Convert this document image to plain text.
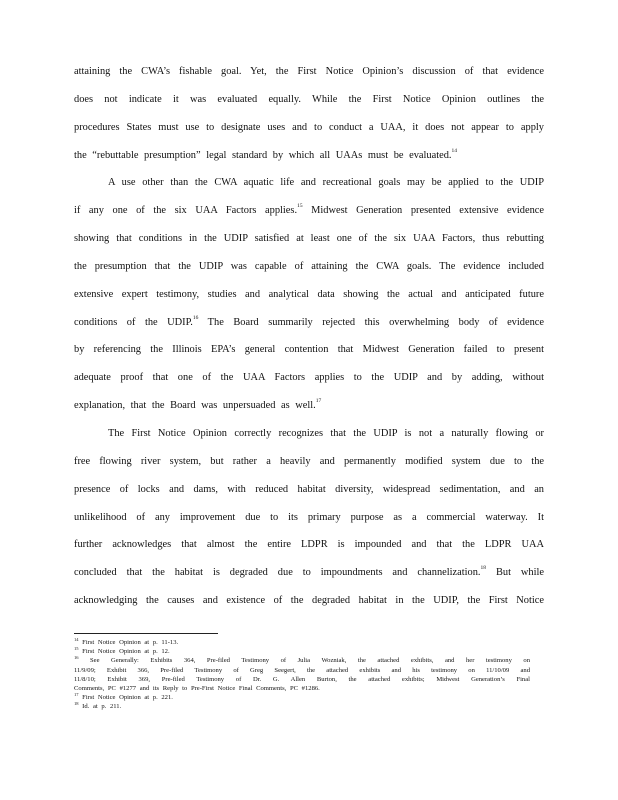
attaining the CWA’s fishable goal. Yet, the First Notice Opinion’s discussion of that evidence
does not indicate it was evaluated equally. While the First Notice Opinion outlines the
procedures States must use to designate uses and to conduct a UAA, it does not appear to apply
the “rebuttable presumption” legal standard by which all UAAs must be evaluated.$^{14}$
A use other than the CWA aquatic life and recreational goals may be applied to the UDIP
if any one of the six UAA Factors applies.$^{15}$ Midwest Generation presented extensive evidence
showing that conditions in the UDIP satisfied at least one of the six UAA Factors, thus rebutting
the presumption that the UDIP was capable of attaining the CWA goals. The evidence included
extensive expert testimony, studies and analytical data showing the actual and anticipated future
conditions of the UDIP.$^{16}$ The Board summarily rejected this overwhelming body of evidence
by referencing the Illinois EPA’s general contention that Midwest Generation failed to present
adequate proof that one of the UAA Factors applies to the UDIP and by adding, without
explanation, that the Board was unpersuaded as well.$^{17}$
The First Notice Opinion correctly recognizes that the UDIP is not a naturally flowing or
free flowing river system, but rather a heavily and permanently modified system due to the
presence of locks and dams, with reduced habitat diversity, widespread sedimentation, and an
unlikelihood of any improvement due to its primary purpose as a commercial waterway. It
further acknowledges that almost the entire LDPR is impounded and that the LDPR UAA
concluded that the habitat is degraded due to impoundments and channelization.$^{18}$ But while
acknowledging the causes and existence of the degraded habitat in the UDIP, the First Notice
$^{14}$ First Notice Opinion at p. 11-13.
$^{15}$ First Notice Opinion at p. 12.
$^{16}$ See Generally: Exhibits 364, Pre-filed Testimony of Julia Wozniak, the attached exhibits, and her testimony on
11/9/09; Exhibit 366, Pre-filed Testimony of Greg Seegert, the attached exhibits and his testimony on 11/10/09 and
11/8/10; Exhibit 369, Pre-filed Testimony of Dr. G. Allen Burton, the attached exhibits; Midwest Generation’s Final
Comments, PC #1277 and its Reply to Pre-First Notice Final Comments, PC #1286.
$^{17}$ First Notice Opinion at p. 221.
$^{18}$ Id. at p. 211.
